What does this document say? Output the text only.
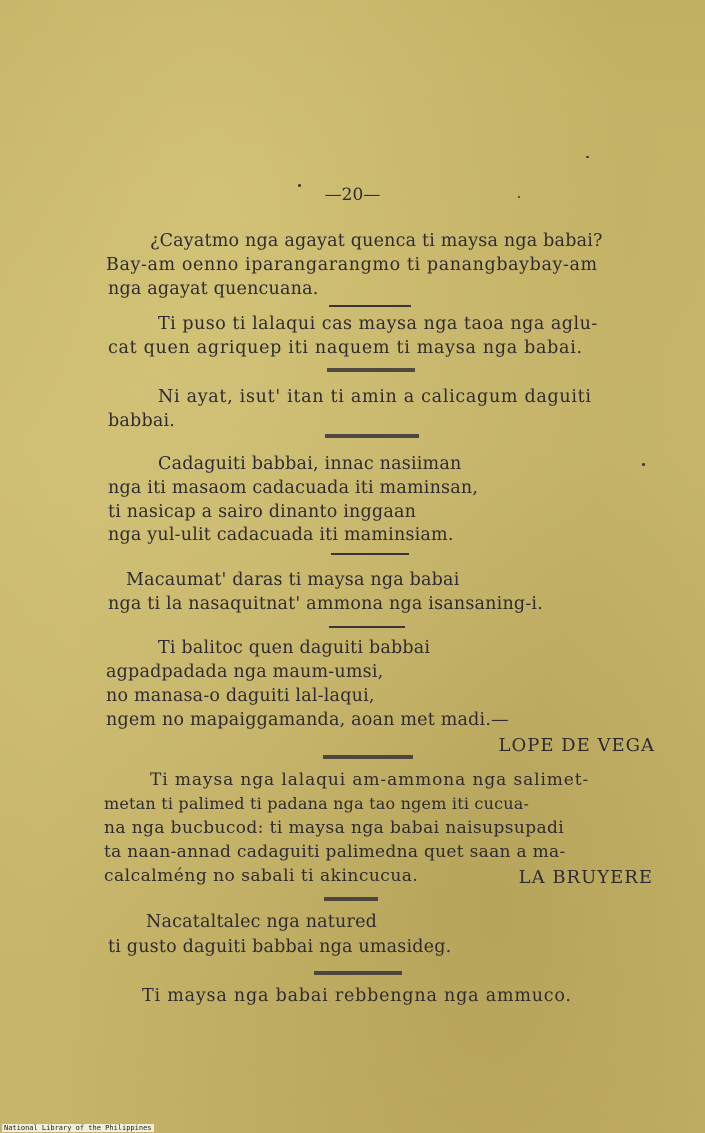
—20—
¿Cayatmo nga agayat quenca ti maysa nga babai?
Bay-am oenno iparangarangmo ti panangbaybay-am
nga agayat quencuana.
Ti puso ti lalaqui cas maysa nga taoa nga aglu-
cat quen agriquep iti naquem ti maysa nga babai.
Ni ayat, isut' itan ti amin a calicagum daguiti
babbai.
Cadaguiti babbai, innac nasiiman
nga iti masaom cadacuada iti maminsan,
ti nasicap a sairo dinanto inggaan
nga yul-ulit cadacuada iti maminsiam.
Macaumat' daras ti maysa nga babai
nga ti la nasaquitnat' ammona nga isansaning-i.
Ti balitoc quen daguiti babbai
agpadpadada nga maum-umsi,
no manasa-o daguiti lal-laqui,
ngem no mapaiggamanda, aoan met madi.—
LOPE DE VEGA
Ti maysa nga lalaqui am-ammona nga salimet-
metan ti palimed ti padana nga tao ngem iti cucua-
na nga bucbucod: ti maysa nga babai naisupsupadi
ta naan-annad cadaguiti palimedna quet saan a ma-
calcalméng no sabali ti akincucua.	LA BRUYERE
Nacataltalec nga natured
ti gusto daguiti babbai nga umasideg.
Ti maysa nga babai rebbengna nga ammuco.
National Library of the Philippines
